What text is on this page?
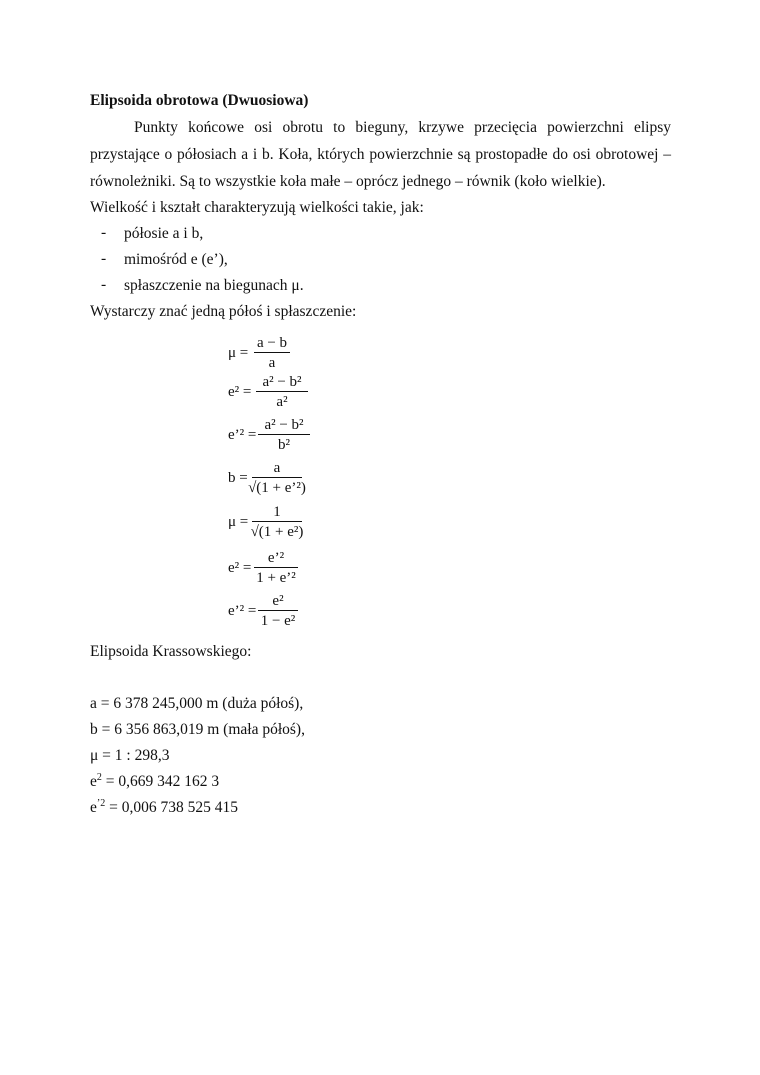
Elipsoida obrotowa (Dwuosiowa)
Punkty końcowe osi obrotu to bieguny, krzywe przecięcia powierzchni elipsy
przystające o półosiach a i b. Koła, których powierzchnie są prostopadłe do osi obrotowej –
równoleżniki. Są to wszystkie koła małe – oprócz jednego – równik (koło wielkie).
Wielkość i kształt charakteryzują wielkości takie, jak:
- półosie a i b,
- mimośród e (e’),
- spłaszczenie na biegunach μ.
Wystarczy znać jedną półoś i spłaszczenie:
μ =
a − b
a
e² =
a² − b²
a²
e’² =
a² − b²
b²
b =
a
√(1 + e’²)
μ =
1
√(1 + e²)
e² =
e’²
1 + e’²
e’² =
e²
1 − e²
Elipsoida Krassowskiego:
a = 6 378 245,000 m (duża półoś),
b = 6 356 863,019 m (mała półoś),
μ = 1 : 298,3
$e^2 = 0,669$ 342 162 3
$e^{’2} = 0,006$ 738 525 415
